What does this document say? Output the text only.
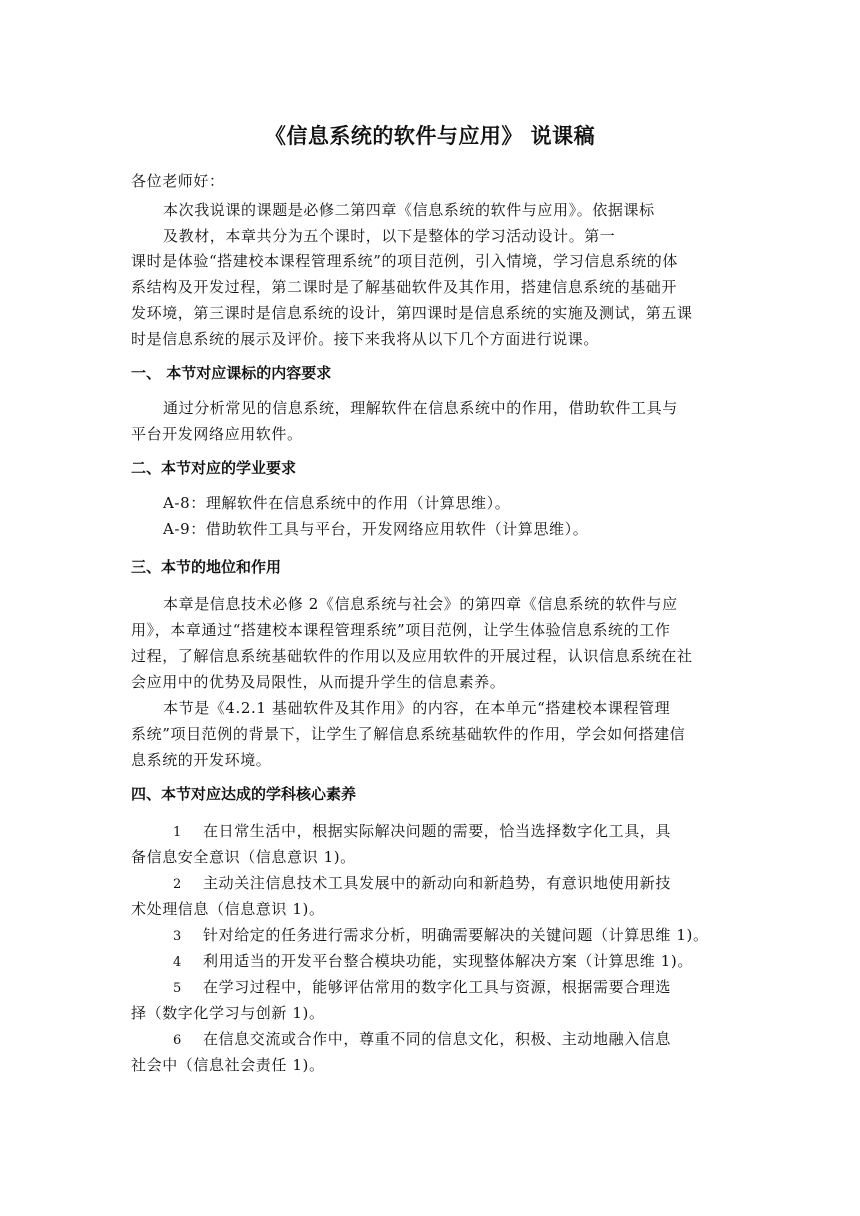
《信息系统的软件与应用》 说课稿
各位老师好：
本次我说课的课题是必修二第四章《信息系统的软件与应用》。依据课标
及教材，本章共分为五个课时，以下是整体的学习活动设计。第一
课时是体验“搭建校本课程管理系统”的项目范例，引入情境，学习信息系统的体
系结构及开发过程，第二课时是了解基础软件及其作用，搭建信息系统的基础开
发环境，第三课时是信息系统的设计，第四课时是信息系统的实施及测试，第五课
时是信息系统的展示及评价。接下来我将从以下几个方面进行说课。
一、 本节对应课标的内容要求
通过分析常见的信息系统，理解软件在信息系统中的作用，借助软件工具与
平台开发网络应用软件。
二、本节对应的学业要求
A-8：理解软件在信息系统中的作用（计算思维）。
A-9：借助软件工具与平台，开发网络应用软件（计算思维）。
三、本节的地位和作用
本章是信息技术必修 2《信息系统与社会》的第四章《信息系统的软件与应
用》，本章通过“搭建校本课程管理系统”项目范例，让学生体验信息系统的工作
过程，了解信息系统基础软件的作用以及应用软件的开展过程，认识信息系统在社
会应用中的优势及局限性，从而提升学生的信息素养。
本节是《4.2.1 基础软件及其作用》的内容，在本单元“搭建校本课程管理
系统”项目范例的背景下，让学生了解信息系统基础软件的作用，学会如何搭建信
息系统的开发环境。
四、本节对应达成的学科核心素养
1 在日常生活中，根据实际解决问题的需要，恰当选择数字化工具，具
备信息安全意识（信息意识 1)。
2 主动关注信息技术工具发展中的新动向和新趋势，有意识地使用新技
术处理信息（信息意识 1)。
3 针对给定的任务进行需求分析，明确需要解决的关键问题（计算思维 1)。
4 利用适当的开发平台整合模块功能，实现整体解决方案（计算思维 1)。
5 在学习过程中，能够评估常用的数字化工具与资源，根据需要合理选
择（数字化学习与创新 1)。
6 在信息交流或合作中，尊重不同的信息文化，积极、主动地融入信息
社会中（信息社会责任 1)。
